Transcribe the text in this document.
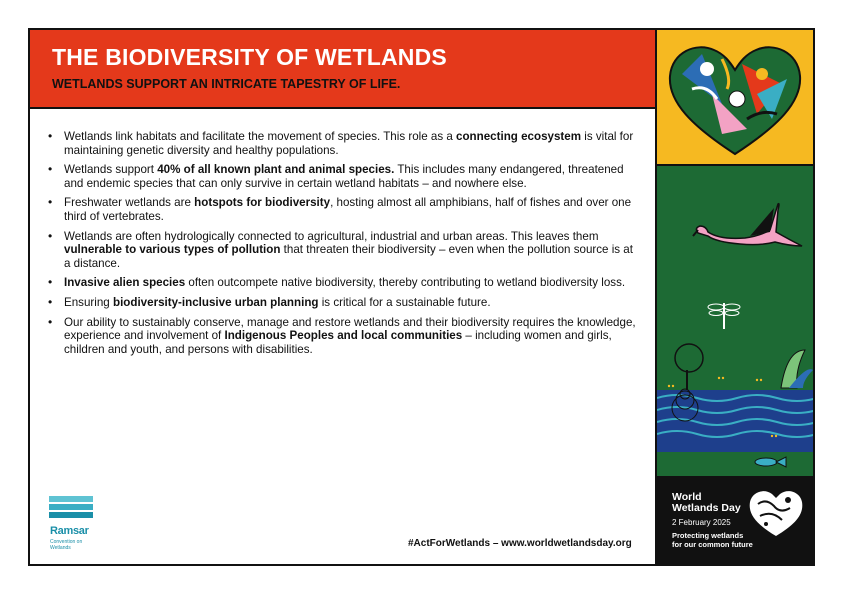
THE BIODIVERSITY OF WETLANDS

WETLANDS SUPPORT AN INTRICATE TAPESTRY OF LIFE.

• Wetlands link habitats and facilitate the movement of species. This role as a connecting ecosystem is vital for maintaining genetic diversity and healthy populations.
• Wetlands support 40% of all known plant and animal species. This includes many endangered, threatened and endemic species that can only survive in certain wetland habitats – and nowhere else.
• Freshwater wetlands are hotspots for biodiversity, hosting almost all amphibians, half of fishes and over one third of vertebrates.
• Wetlands are often hydrologically connected to agricultural, industrial and urban areas. This leaves them vulnerable to various types of pollution that threaten their biodiversity – even when the pollution source is at a distance.
• Invasive alien species often outcompete native biodiversity, thereby contributing to wetland biodiversity loss.
• Ensuring biodiversity-inclusive urban planning is critical for a sustainable future.
• Our ability to sustainably conserve, manage and restore wetlands and their biodiversity requires the knowledge, experience and involvement of Indigenous Peoples and local communities – including women and girls, children and youth, and persons with disabilities.
Ramsar
Convention on Wetlands	#ActForWetlands – www.worldwetlandsday.org
World
Wetlands Day
2 February 2025
Protecting wetlands
for our common future
